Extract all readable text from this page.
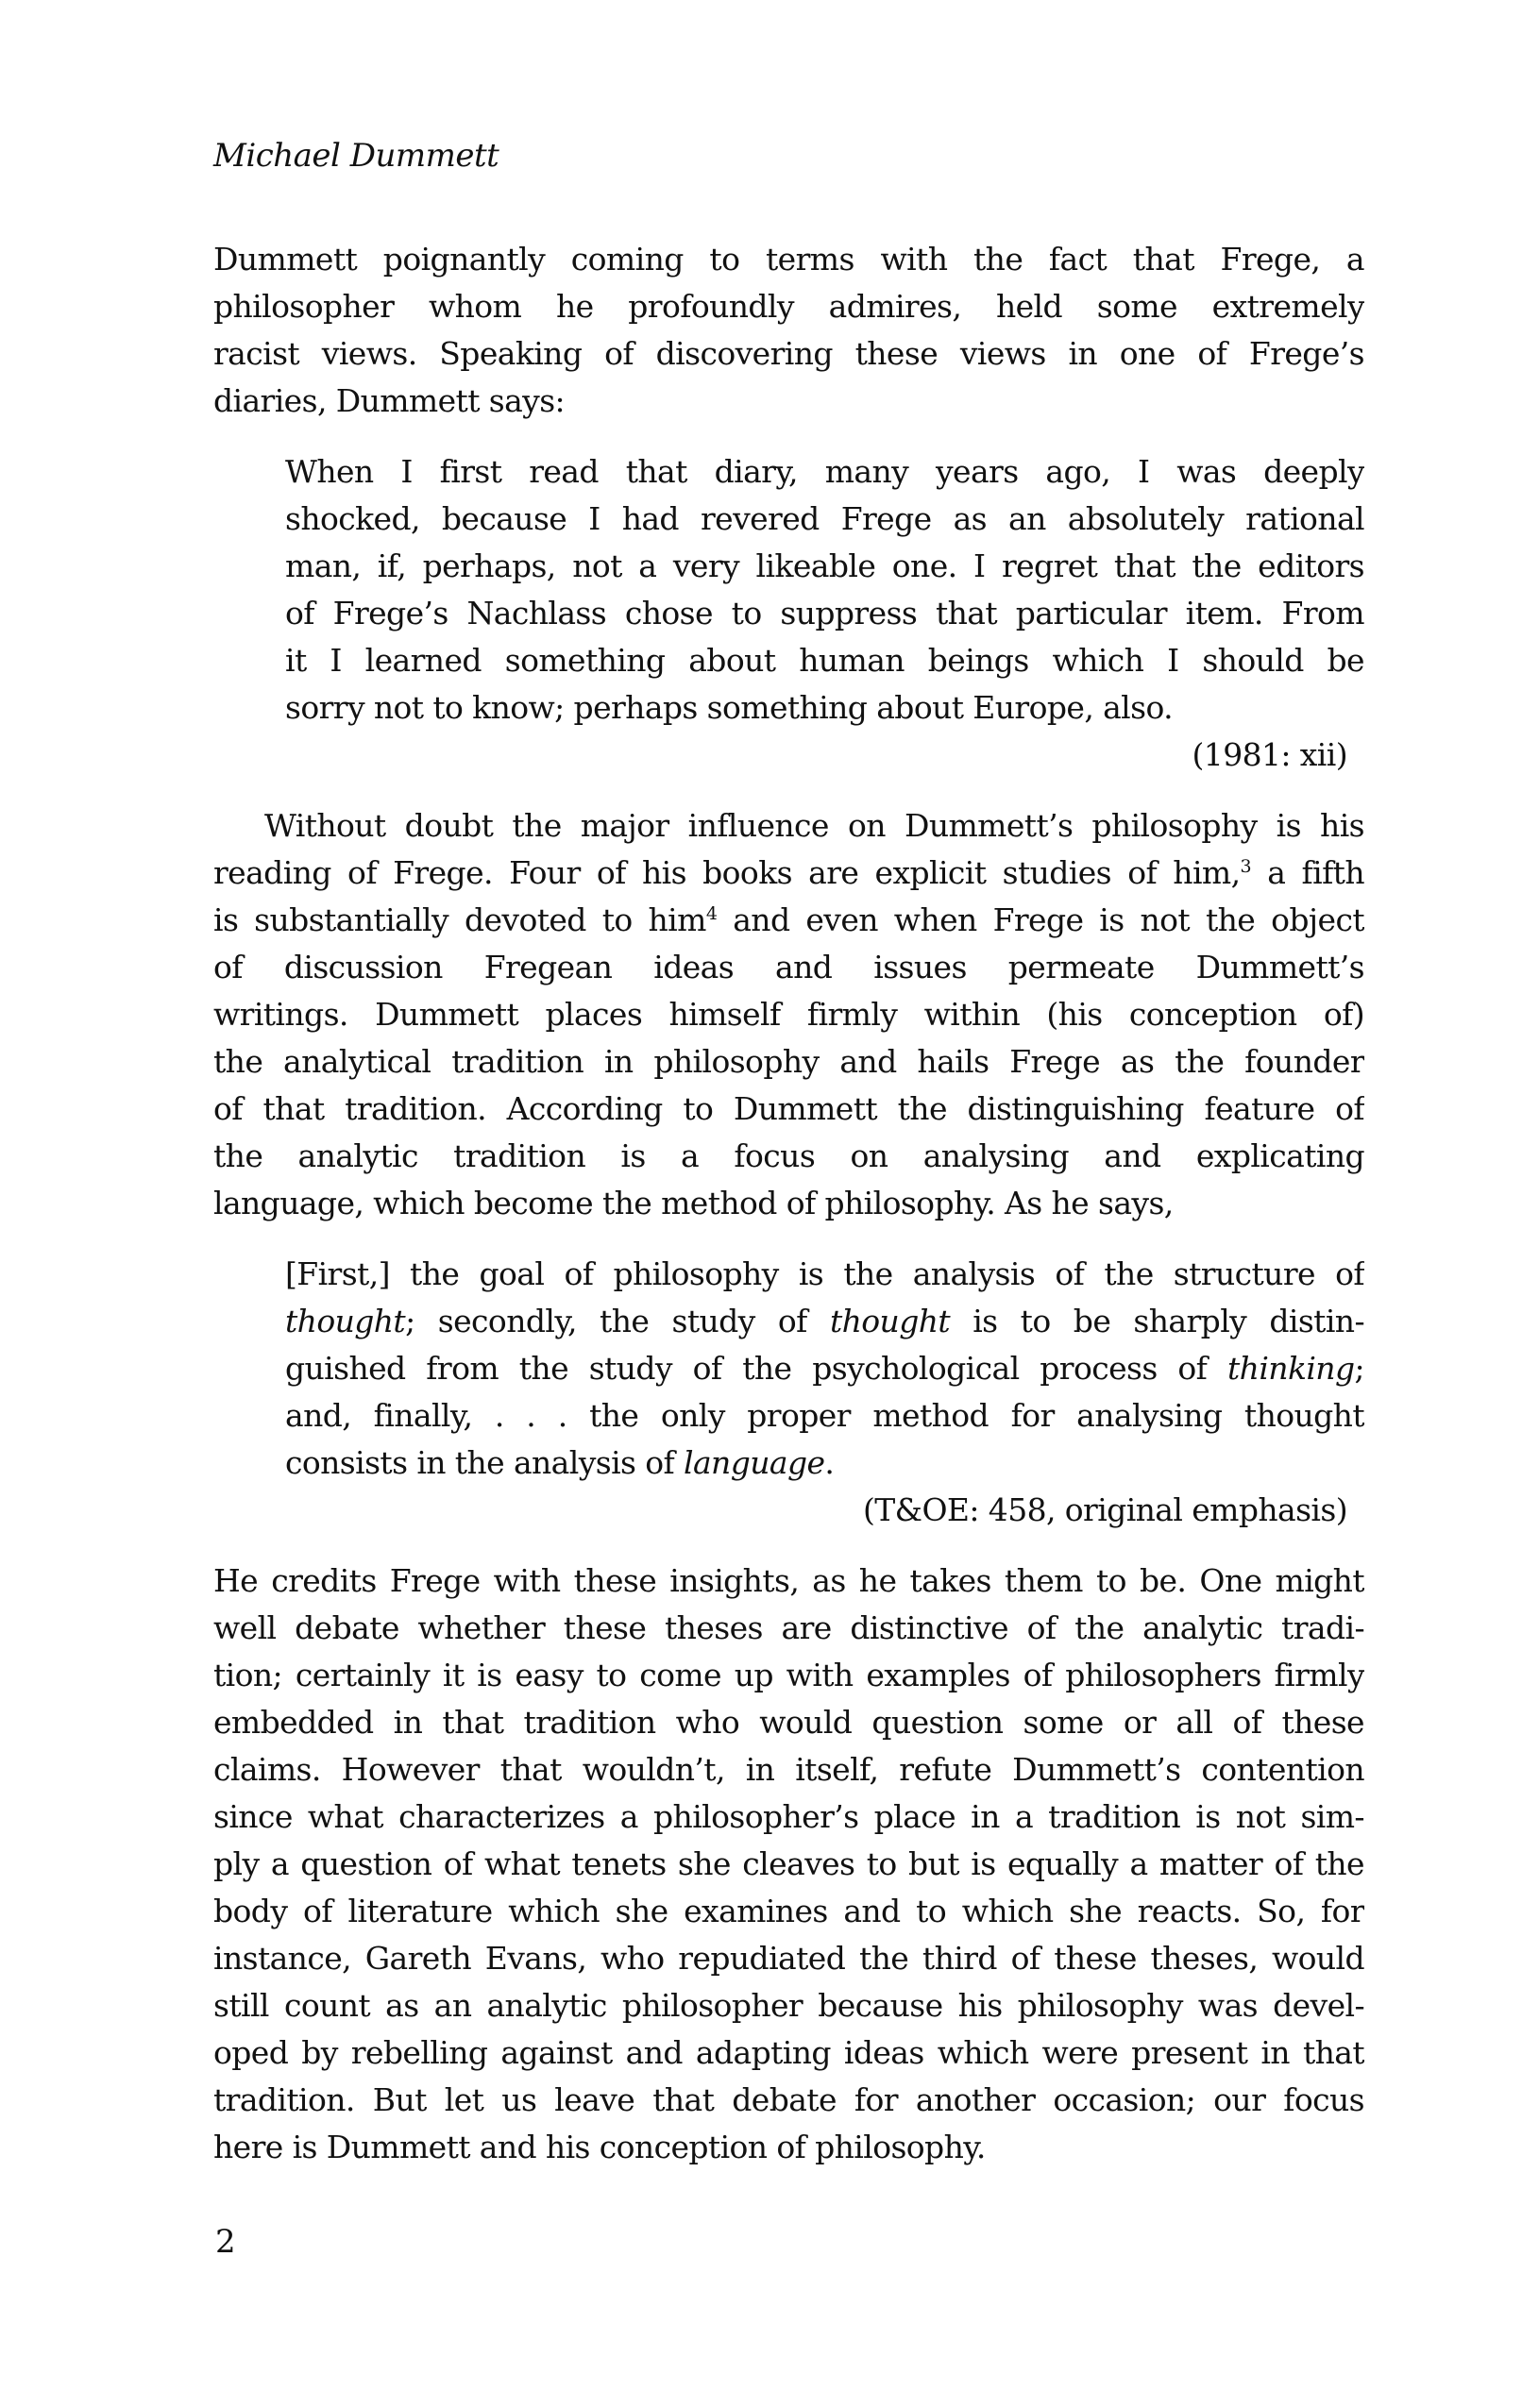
Michael Dummett
Dummett poignantly coming to terms with the fact that Frege, a
philosopher whom he profoundly admires, held some extremely
racist views. Speaking of discovering these views in one of Frege’s
diaries, Dummett says:
When I first read that diary, many years ago, I was deeply
shocked, because I had revered Frege as an absolutely rational
man, if, perhaps, not a very likeable one. I regret that the editors
of Frege’s Nachlass chose to suppress that particular item. From
it I learned something about human beings which I should be
sorry not to know; perhaps something about Europe, also.
(1981: xii)
Without doubt the major influence on Dummett’s philosophy is his
reading of Frege. Four of his books are explicit studies of him,$^3$ a fifth
is substantially devoted to him$^4$ and even when Frege is not the object
of discussion Fregean ideas and issues permeate Dummett’s
writings. Dummett places himself firmly within (his conception of)
the analytical tradition in philosophy and hails Frege as the founder
of that tradition. According to Dummett the distinguishing feature of
the analytic tradition is a focus on analysing and explicating
language, which become the method of philosophy. As he says,
[First,] the goal of philosophy is the analysis of the structure of
thought; secondly, the study of thought is to be sharply distin-
guished from the study of the psychological process of thinking;
and, finally, . . . the only proper method for analysing thought
consists in the analysis of language.
(T&OE: 458, original emphasis)
He credits Frege with these insights, as he takes them to be. One might
well debate whether these theses are distinctive of the analytic tradi-
tion; certainly it is easy to come up with examples of philosophers firmly
embedded in that tradition who would question some or all of these
claims. However that wouldn’t, in itself, refute Dummett’s contention
since what characterizes a philosopher’s place in a tradition is not sim-
ply a question of what tenets she cleaves to but is equally a matter of the
body of literature which she examines and to which she reacts. So, for
instance, Gareth Evans, who repudiated the third of these theses, would
still count as an analytic philosopher because his philosophy was devel-
oped by rebelling against and adapting ideas which were present in that
tradition. But let us leave that debate for another occasion; our focus
here is Dummett and his conception of philosophy.
2
